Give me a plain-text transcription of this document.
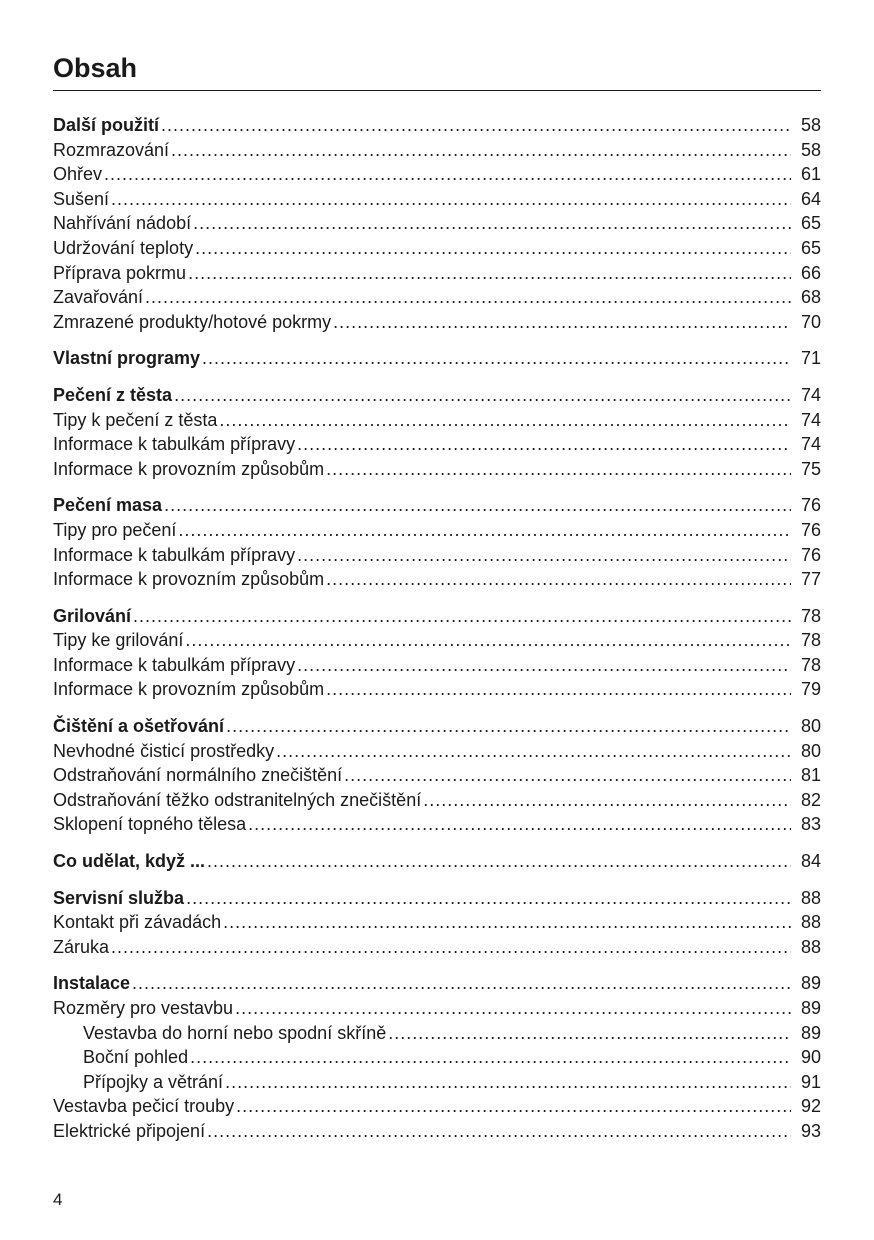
Obsah
Další použití .....	58
Rozmrazování .....	58
Ohřev .....	61
Sušení .....	64
Nahřívání nádobí .....	65
Udržování teploty .....	65
Příprava pokrmu .....	66
Zavařování .....	68
Zmrazené produkty/hotové pokrmy .....	70
Vlastní programy .....	71
Pečení z těsta .....	74
Tipy k pečení z těsta .....	74
Informace k tabulkám přípravy .....	74
Informace k provozním způsobům .....	75
Pečení masa .....	76
Tipy pro pečení .....	76
Informace k tabulkám přípravy .....	76
Informace k provozním způsobům .....	77
Grilování .....	78
Tipy ke grilování .....	78
Informace k tabulkám přípravy .....	78
Informace k provozním způsobům .....	79
Čištění a ošetřování .....	80
Nevhodné čisticí prostředky .....	80
Odstraňování normálního znečištění .....	81
Odstraňování těžko odstranitelných znečištění .....	82
Sklopení topného tělesa .....	83
Co udělat, když ... .....	84
Servisní služba .....	88
Kontakt při závadách .....	88
Záruka .....	88
Instalace .....	89
Rozměry pro vestavbu .....	89
Vestavba do horní nebo spodní skříně .....	89
Boční pohled .....	90
Přípojky a větrání .....	91
Vestavba pečicí trouby .....	92
Elektrické připojení .....	93
4
